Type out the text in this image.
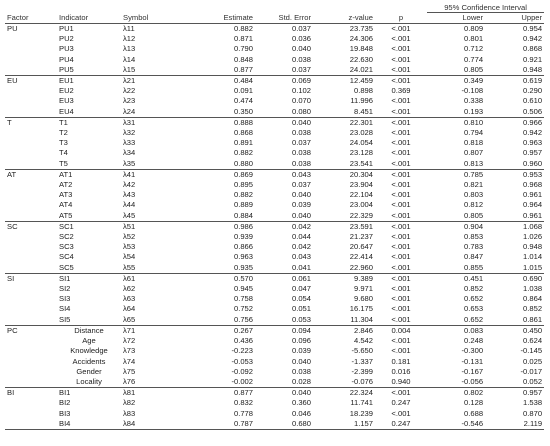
							95% Confidence Interval	
Factor	Indicator	Symbol	Estimate	Std. Error	z-value	p	Lower	Upper
PU	PU1	λ11	0.882	0.037	23.735	<.001	0.809	0.954
	PU2	λ12	0.871	0.036	24.306	<.001	0.801	0.942
	PU3	λ13	0.790	0.040	19.848	<.001	0.712	0.868
	PU4	λ14	0.848	0.038	22.630	<.001	0.774	0.921
	PU5	λ15	0.877	0.037	24.021	<.001	0.805	0.948
EU	EU1	λ21	0.484	0.069	12.459	<.001	0.349	0.619
	EU2	λ22	0.091	0.102	0.898	0.369	-0.108	0.290
	EU3	λ23	0.474	0.070	11.996	<.001	0.338	0.610
	EU4	λ24	0.350	0.080	8.451	<.001	0.193	0.506
T	T1	λ31	0.888	0.040	22.301	<.001	0.810	0.966
	T2	λ32	0.868	0.038	23.028	<.001	0.794	0.942
	T3	λ33	0.891	0.037	24.054	<.001	0.818	0.963
	T4	λ34	0.882	0.038	23.128	<.001	0.807	0.957
	T5	λ35	0.880	0.038	23.541	<.001	0.813	0.960
AT	AT1	λ41	0.869	0.043	20.304	<.001	0.785	0.953
	AT2	λ42	0.895	0.037	23.904	<.001	0.821	0.968
	AT3	λ43	0.882	0.040	22.104	<.001	0.803	0.961
	AT4	λ44	0.889	0.039	23.004	<.001	0.812	0.964
	AT5	λ45	0.884	0.040	22.329	<.001	0.805	0.961
SC	SC1	λ51	0.986	0.042	23.591	<.001	0.904	1.068
	SC2	λ52	0.939	0.044	21.237	<.001	0.853	1.026
	SC3	λ53	0.866	0.042	20.647	<.001	0.783	0.948
	SC4	λ54	0.963	0.043	22.414	<.001	0.847	1.014
	SC5	λ55	0.935	0.041	22.960	<.001	0.855	1.015
SI	SI1	λ61	0.570	0.061	9.389	<.001	0.451	0.690
	SI2	λ62	0.945	0.047	9.971	<.001	0.852	1.038
	SI3	λ63	0.758	0.054	9.680	<.001	0.652	0.864
	SI4	λ64	0.752	0.051	16.175	<.001	0.653	0.852
	SI5	λ65	0.756	0.053	11.304	<.001	0.652	0.861
PC	Distance	λ71	0.267	0.094	2.846	0.004	0.083	0.450
	Age	λ72	0.436	0.096	4.542	<.001	0.248	0.624
	Knowledge	λ73	-0.223	0.039	-5.650	<.001	-0.300	-0.145
	Accidents	λ74	-0.053	0.040	-1.337	0.181	-0.131	0.025
	Gender	λ75	-0.092	0.038	-2.399	0.016	-0.167	-0.017
	Locality	λ76	-0.002	0.028	-0.076	0.940	-0.056	0.052
BI	BI1	λ81	0.877	0.040	22.324	<.001	0.802	0.957
	BI2	λ82	0.832	0.360	11.741	0.247	0.128	1.538
	BI3	λ83	0.778	0.046	18.239	<.001	0.688	0.870
	BI4	λ84	0.787	0.680	1.157	0.247	-0.546	2.119
